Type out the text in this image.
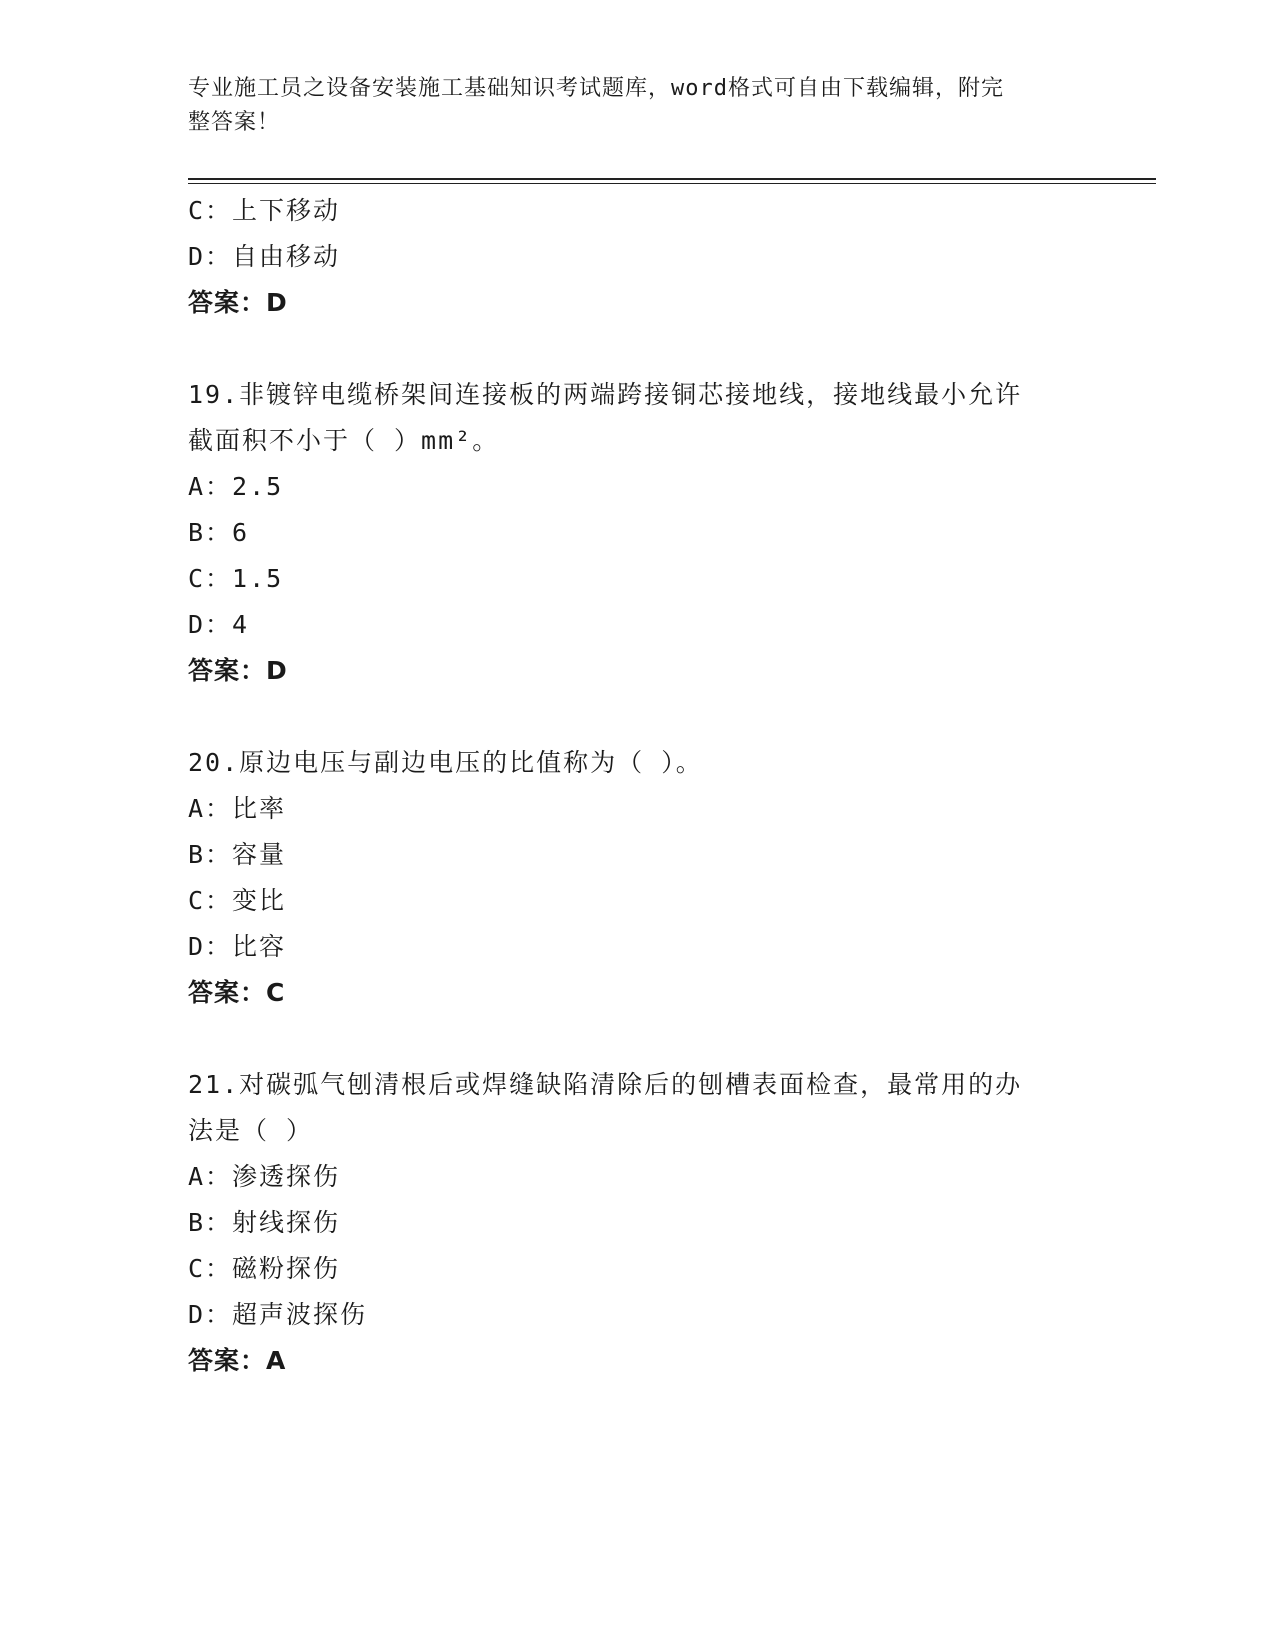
专业施工员之设备安装施工基础知识考试题库，word格式可自由下载编辑，附完
整答案！
C：上下移动
D：自由移动
答案：D
19.非镀锌电缆桥架间连接板的两端跨接铜芯接地线，接地线最小允许
截面积不小于（ ）mm²。
A：2.5
B：6
C：1.5
D：4
答案：D
20.原边电压与副边电压的比值称为（ ）。
A：比率
B：容量
C：变比
D：比容
答案：C
21.对碳弧气刨清根后或焊缝缺陷清除后的刨槽表面检查，最常用的办
法是（ ）
A：渗透探伤
B：射线探伤
C：磁粉探伤
D：超声波探伤
答案：A
